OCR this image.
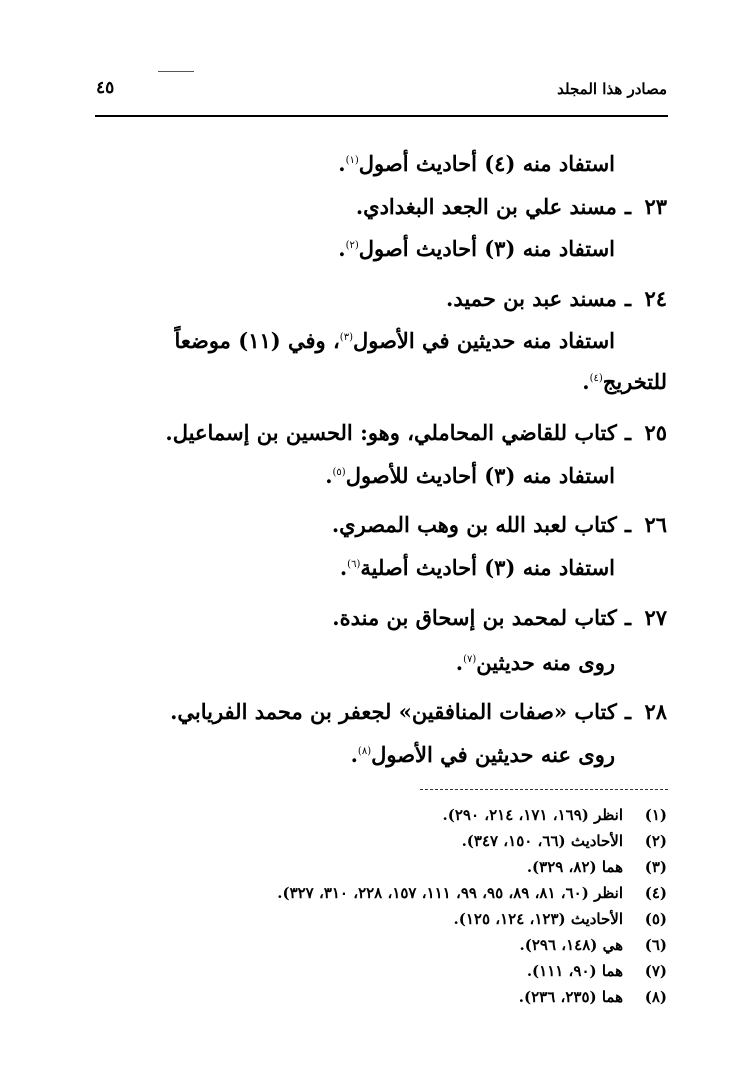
مصادر هذا المجلد
٤٥
استفاد منه (٤) أحاديث أصول$^{(١)}$.
٢٣ـمسند علي بن الجعد البغدادي.
استفاد منه (٣) أحاديث أصول$^{(٢)}$.
٢٤ـمسند عبد بن حميد.
استفاد منه حديثين في الأصول$^{(٣)}$، وفي (١١) موضعاً
للتخريج$^{(٤)}$.
٢٥ـكتاب للقاضي المحاملي، وهو: الحسين بن إسماعيل.
استفاد منه (٣) أحاديث للأصول$^{(٥)}$.
٢٦ـكتاب لعبد الله بن وهب المصري.
استفاد منه (٣) أحاديث أصلية$^{(٦)}$.
٢٧ـكتاب لمحمد بن إسحاق بن مندة.
روى منه حديثين$^{(٧)}$.
٢٨ـكتاب «صفات المنافقين» لجعفر بن محمد الفريابي.
روى عنه حديثين في الأصول$^{(٨)}$.
(١)انظر (١٦٩، ١٧١، ٢١٤، ٢٩٠).
(٢)الأحاديث (٦٦، ١٥٠، ٣٤٧).
(٣)هما (٨٢، ٣٢٩).
(٤)انظر (٦٠، ٨١، ٨٩، ٩٥، ٩٩، ١١١، ١٥٧، ٢٢٨، ٣١٠، ٣٢٧).
(٥)الأحاديث (١٢٣، ١٢٤، ١٢٥).
(٦)هي (١٤٨، ٢٩٦).
(٧)هما (٩٠، ١١١).
(٨)هما (٢٣٥، ٢٣٦).
